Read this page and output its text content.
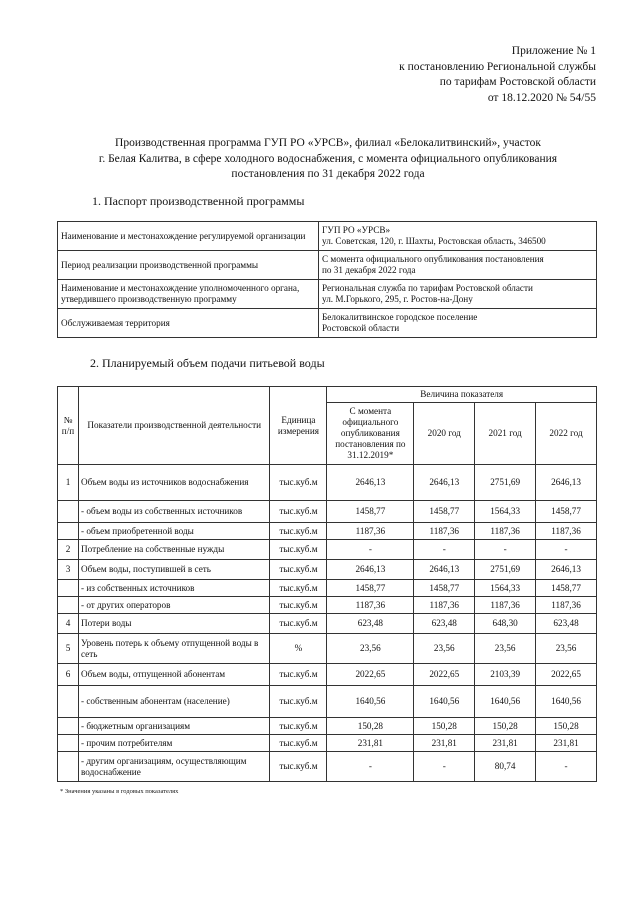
Приложение № 1
к постановлению Региональной службы
по тарифам Ростовской области
от 18.12.2020 № 54/55
Производственная программа ГУП РО «УРСВ», филиал «Белокалитвинский», участок
г. Белая Калитва, в сфере холодного водоснабжения, с момента официального опубликования
постановления по 31 декабря 2022 года
1. Паспорт производственной программы
Наименование и местонахождение регулируемой организации	ГУП РО «УРСВ»
ул. Советская, 120, г. Шахты, Ростовская область, 346500

Период реализации производственной программы	С момента официального опубликования постановления
по 31 декабря 2022 года

Наименование и местонахождение уполномоченного органа, утвердившего производственную программу	Региональная служба по тарифам Ростовской области
ул. М.Горького, 295, г. Ростов-на-Дону

Обслуживаемая территория	Белокалитвинское городское поселение
Ростовской области
2. Планируемый объем подачи питьевой воды
№ п/п	Показатели производственной деятельности	Единица измерения	Величина показателя			
			С момента официального опубликования постановления по 31.12.2019*	2020 год	2021 год	2022 год
1	Объем воды из источников водоснабжения	тыс.куб.м	2646,13	2646,13	2751,69	2646,13
	- объем воды из собственных источников	тыс.куб.м	1458,77	1458,77	1564,33	1458,77
	- объем приобретенной воды	тыс.куб.м	1187,36	1187,36	1187,36	1187,36
2	Потребление на собственные нужды	тыс.куб.м	-	-	-	-
3	Объем воды, поступившей в сеть	тыс.куб.м	2646,13	2646,13	2751,69	2646,13
	- из собственных источников	тыс.куб.м	1458,77	1458,77	1564,33	1458,77
	- от других операторов	тыс.куб.м	1187,36	1187,36	1187,36	1187,36
4	Потери воды	тыс.куб.м	623,48	623,48	648,30	623,48
5	Уровень потерь к объему отпущенной воды в сеть	%	23,56	23,56	23,56	23,56
6	Объем воды, отпущенной абонентам	тыс.куб.м	2022,65	2022,65	2103,39	2022,65
	- собственным абонентам (население)	тыс.куб.м	1640,56	1640,56	1640,56	1640,56
	- бюджетным организациям	тыс.куб.м	150,28	150,28	150,28	150,28
	- прочим потребителям	тыс.куб.м	231,81	231,81	231,81	231,81
	- другим организациям, осуществляющим водоснабжение	тыс.куб.м	-	-	80,74	-
* Значения указаны в годовых показателях
